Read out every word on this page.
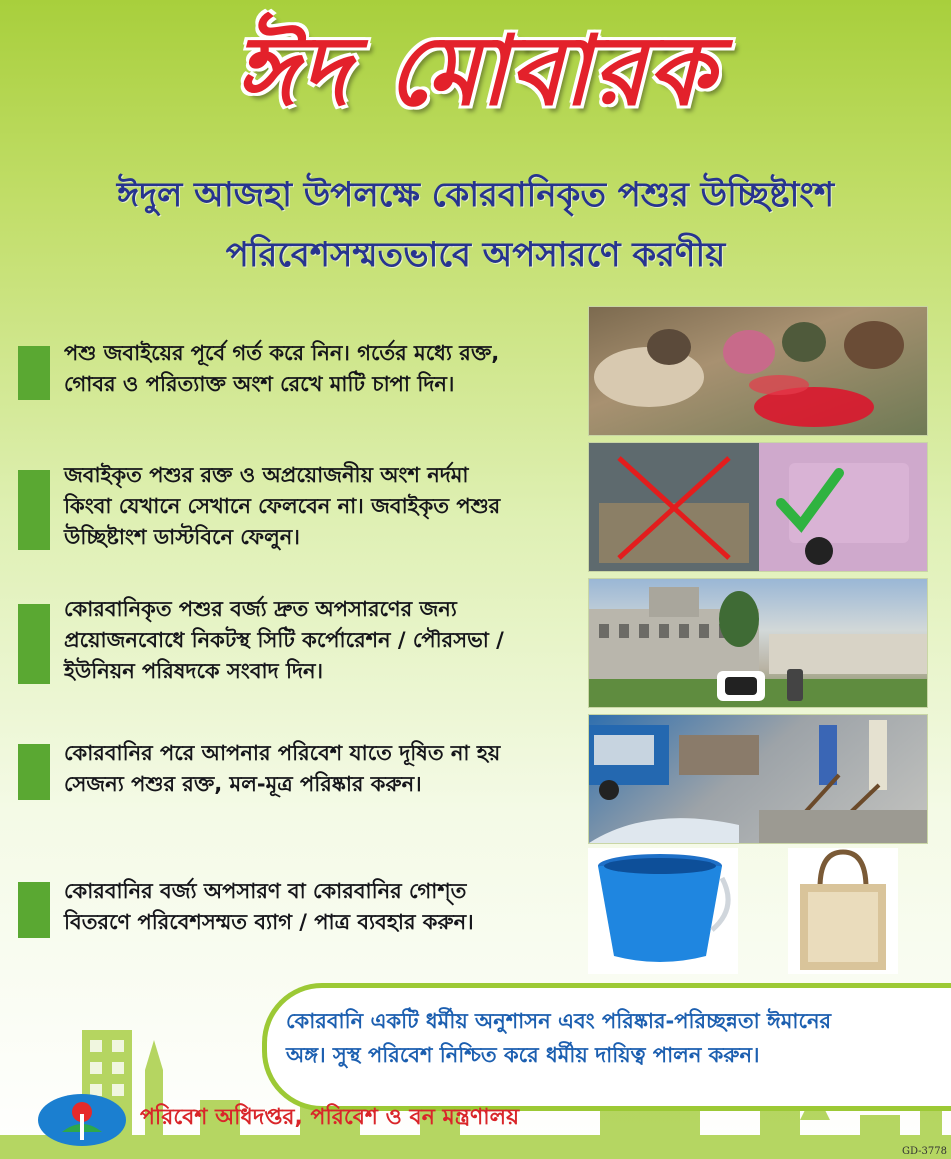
ঈদ মোবারক
ঈদুল আজহা উপলক্ষে কোরবানিকৃত পশুর উচ্ছিষ্টাংশ
পরিবেশসম্মতভাবে অপসারণে করণীয়
পশু জবাইয়ের পূর্বে গর্ত করে নিন। গর্তের মধ্যে রক্ত,
গোবর ও পরিত্যাক্ত অংশ রেখে মাটি চাপা দিন।
জবাইকৃত পশুর রক্ত ও অপ্রয়োজনীয় অংশ নর্দমা
কিংবা যেখানে সেখানে ফেলবেন না। জবাইকৃত পশুর
উচ্ছিষ্টাংশ ডাস্টবিনে ফেলুন।
কোরবানিকৃত পশুর বর্জ্য দ্রুত অপসারণের জন্য
প্রয়োজনবোধে নিকটস্থ সিটি কর্পোরেশন / পৌরসভা /
ইউনিয়ন পরিষদকে সংবাদ দিন।
কোরবানির পরে আপনার পরিবেশ যাতে দূষিত না হয়
সেজন্য পশুর রক্ত, মল-মূত্র পরিষ্কার করুন।
কোরবানির বর্জ্য অপসারণ বা কোরবানির গোশ্‌ত
বিতরণে পরিবেশসম্মত ব্যাগ / পাত্র ব্যবহার করুন।
কোরবানি একটি ধর্মীয় অনুশাসন এবং পরিষ্কার-পরিচ্ছন্নতা ঈমানের
অঙ্গ। সুস্থ পরিবেশ নিশ্চিত করে ধর্মীয় দায়িত্ব পালন করুন।
পরিবেশ অধিদপ্তর, পরিবেশ ও বন মন্ত্রণালয়
GD-3778
